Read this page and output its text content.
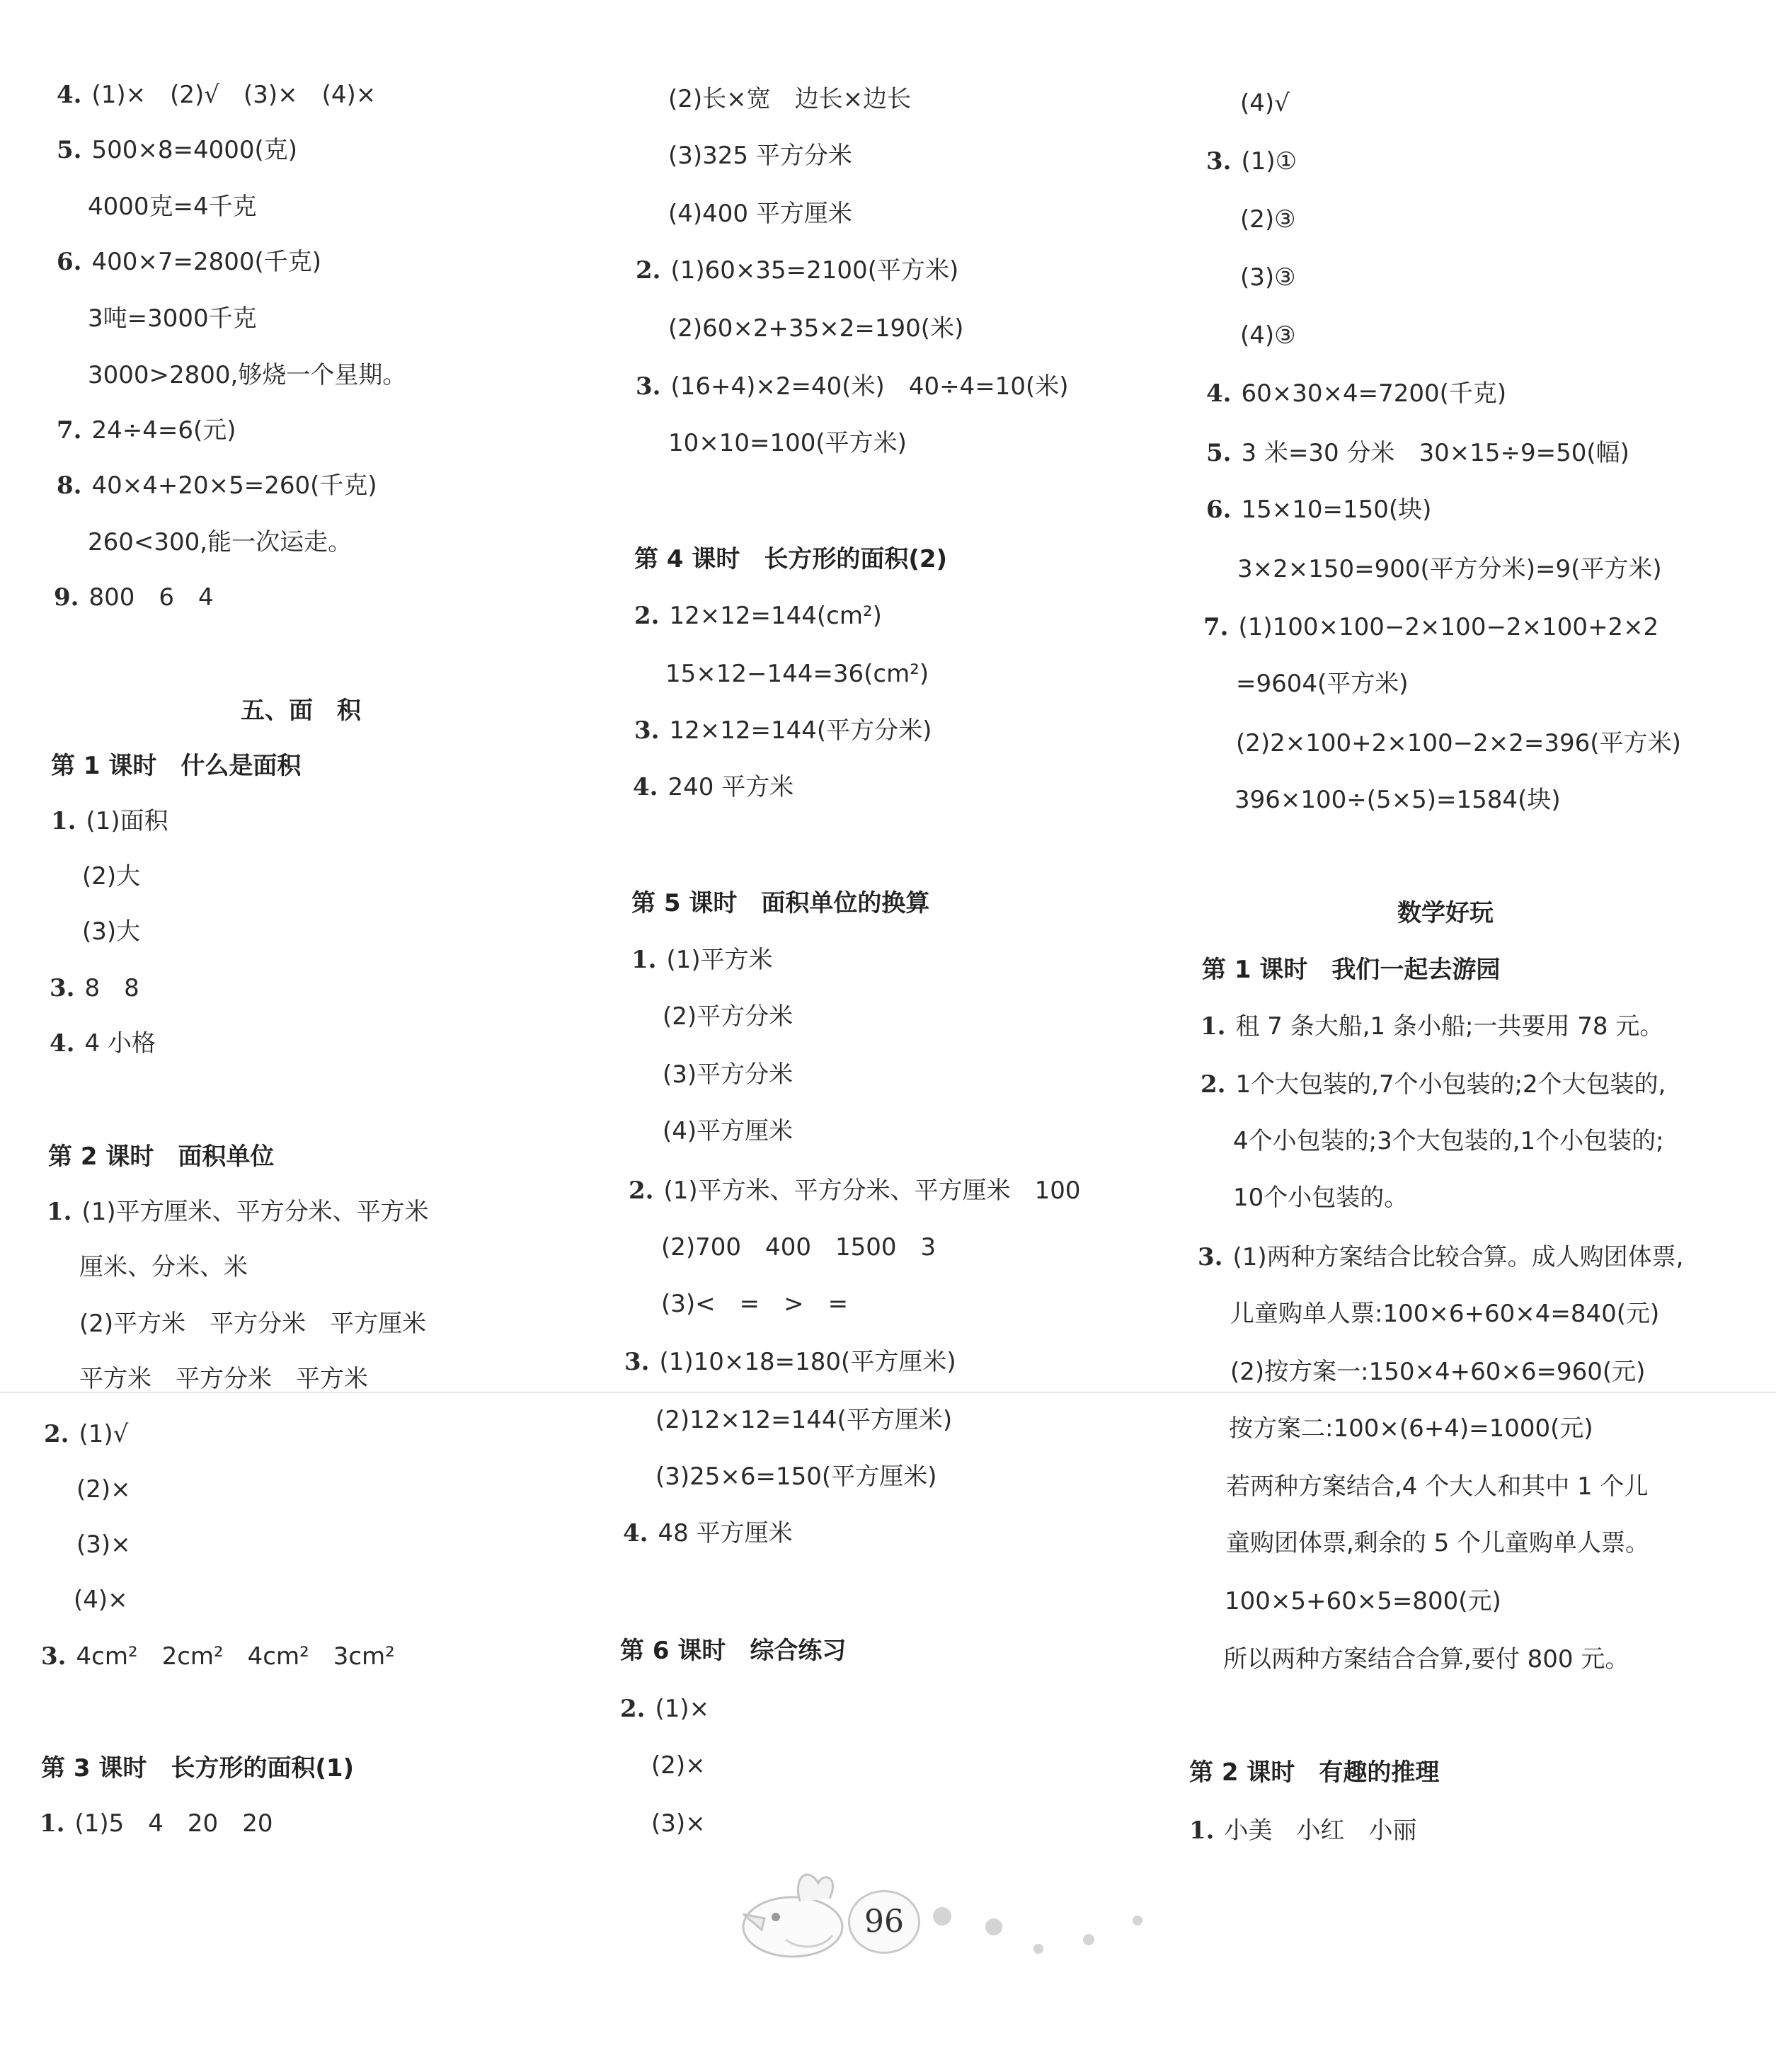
4. (1)×　(2)√　(3)×　(4)×
5. 500×8=4000(克)
4000克=4千克
6. 400×7=2800(千克)
3吨=3000千克
3000>2800,够烧一个星期。
7. 24÷4=6(元)
8. 40×4+20×5=260(千克)
260<300,能一次运走。
9. 800　6　4
五、面　积
第 1 课时　什么是面积
1. (1)面积
(2)大
(3)大
3. 8　8
4. 4 小格
第 2 课时　面积单位
1. (1)平方厘米、平方分米、平方米
厘米、分米、米
(2)平方米　平方分米　平方厘米
平方米　平方分米　平方米
2. (1)√
(2)×
(3)×
(4)×
3. 4cm²　2cm²　4cm²　3cm²
第 3 课时　长方形的面积(1)
1. (1)5　4　20　20
(2)长×宽　边长×边长
(3)325 平方分米
(4)400 平方厘米
2. (1)60×35=2100(平方米)
(2)60×2+35×2=190(米)
3. (16+4)×2=40(米)　40÷4=10(米)
10×10=100(平方米)
第 4 课时　长方形的面积(2)
2. 12×12=144(cm²)
15×12−144=36(cm²)
3. 12×12=144(平方分米)
4. 240 平方米
第 5 课时　面积单位的换算
1. (1)平方米
(2)平方分米
(3)平方分米
(4)平方厘米
2. (1)平方米、平方分米、平方厘米　100
(2)700　400　1500　3
(3)<　=　>　=
3. (1)10×18=180(平方厘米)
(2)12×12=144(平方厘米)
(3)25×6=150(平方厘米)
4. 48 平方厘米
第 6 课时　综合练习
2. (1)×
(2)×
(3)×
(4)√
3. (1)①
(2)③
(3)③
(4)③
4. 60×30×4=7200(千克)
5. 3 米=30 分米　30×15÷9=50(幅)
6. 15×10=150(块)
3×2×150=900(平方分米)=9(平方米)
7. (1)100×100−2×100−2×100+2×2
=9604(平方米)
(2)2×100+2×100−2×2=396(平方米)
396×100÷(5×5)=1584(块)
数学好玩
第 1 课时　我们一起去游园
1. 租 7 条大船,1 条小船;一共要用 78 元。
2. 1个大包装的,7个小包装的;2个大包装的,
4个小包装的;3个大包装的,1个小包装的;
10个小包装的。
3. (1)两种方案结合比较合算。成人购团体票,
儿童购单人票:100×6+60×4=840(元)
(2)按方案一:150×4+60×6=960(元)
按方案二:100×(6+4)=1000(元)
若两种方案结合,4 个大人和其中 1 个儿
童购团体票,剩余的 5 个儿童购单人票。
100×5+60×5=800(元)
所以两种方案结合合算,要付 800 元。
第 2 课时　有趣的推理
1. 小美　小红　小丽
96
